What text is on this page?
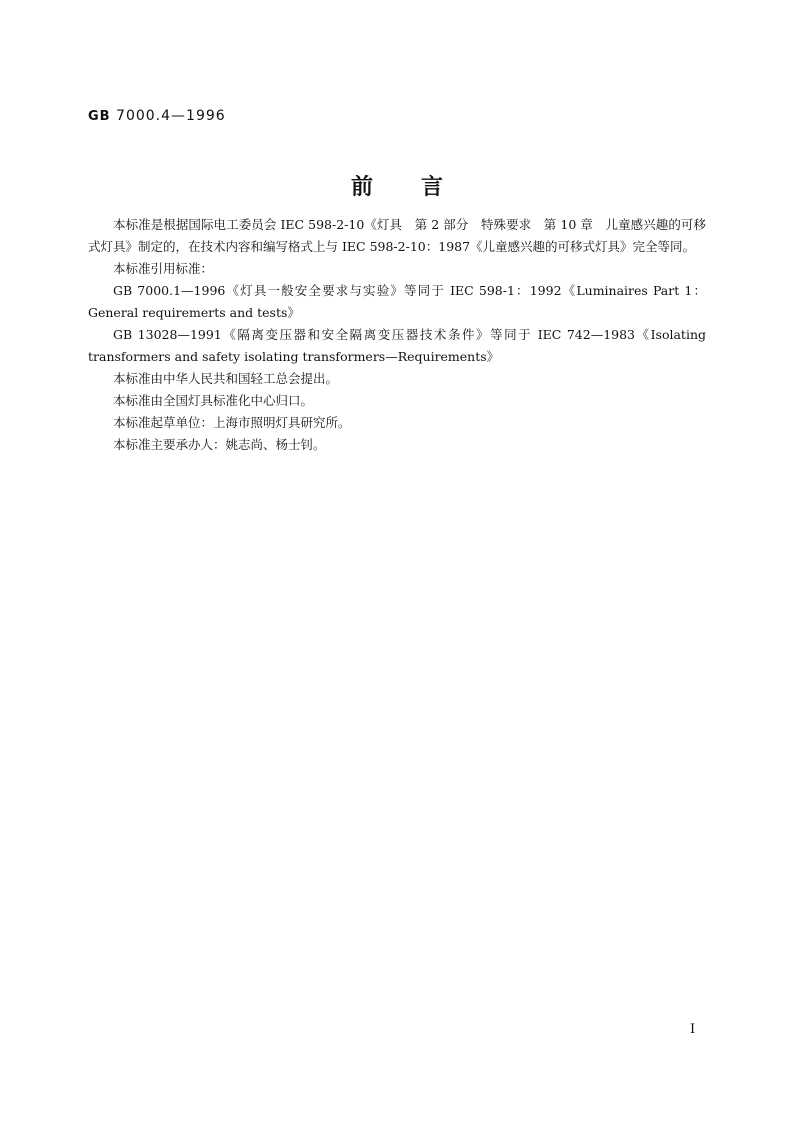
GB 7000.4—1996
前言

本标准是根据国际电工委员会 IEC 598-2-10《灯具　第 2 部分　特殊要求　第 10 章　儿童感兴趣的可移式灯具》制定的，在技术内容和编写格式上与 IEC 598-2-10：1987《儿童感兴趣的可移式灯具》完全等同。

本标准引用标准：

GB 7000.1—1996《灯具一般安全要求与实验》等同于 IEC 598-1：1992《Luminaires Part 1：General requiremerts and tests》

GB 13028—1991《隔离变压器和安全隔离变压器技术条件》等同于 IEC 742—1983《Isolating transformers and safety isolating transformers—Requirements》

本标准由中华人民共和国轻工总会提出。

本标准由全国灯具标准化中心归口。

本标准起草单位：上海市照明灯具研究所。

本标准主要承办人：姚志尚、杨士钊。

I
